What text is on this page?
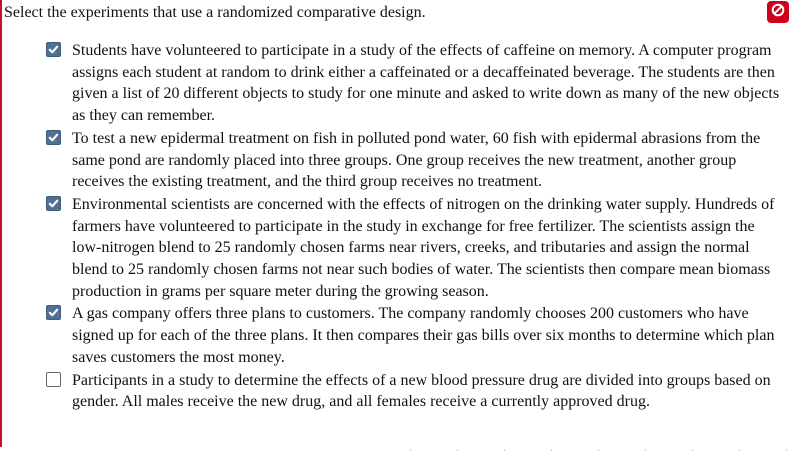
Select the experiments that use a randomized comparative design.
Students have volunteered to participate in a study of the effects of caffeine on memory. A computer program assigns each student at random to drink either a caffeinated or a decaffeinated beverage. The students are then given a list of 20 different objects to study for one minute and asked to write down as many of the new objects as they can remember.
To test a new epidermal treatment on fish in polluted pond water, 60 fish with epidermal abrasions from the same pond are randomly placed into three groups. One group receives the new treatment, another group receives the existing treatment, and the third group receives no treatment.
Environmental scientists are concerned with the effects of nitrogen on the drinking water supply. Hundreds of farmers have volunteered to participate in the study in exchange for free fertilizer. The scientists assign the low-nitrogen blend to 25 randomly chosen farms near rivers, creeks, and tributaries and assign the normal blend to 25 randomly chosen farms not near such bodies of water. The scientists then compare mean biomass production in grams per square meter during the growing season.
A gas company offers three plans to customers. The company randomly chooses 200 customers who have signed up for each of the three plans. It then compares their gas bills over six months to determine which plan saves customers the most money.
Participants in a study to determine the effects of a new blood pressure drug are divided into groups based on gender. All males receive the new drug, and all females receive a currently approved drug.
